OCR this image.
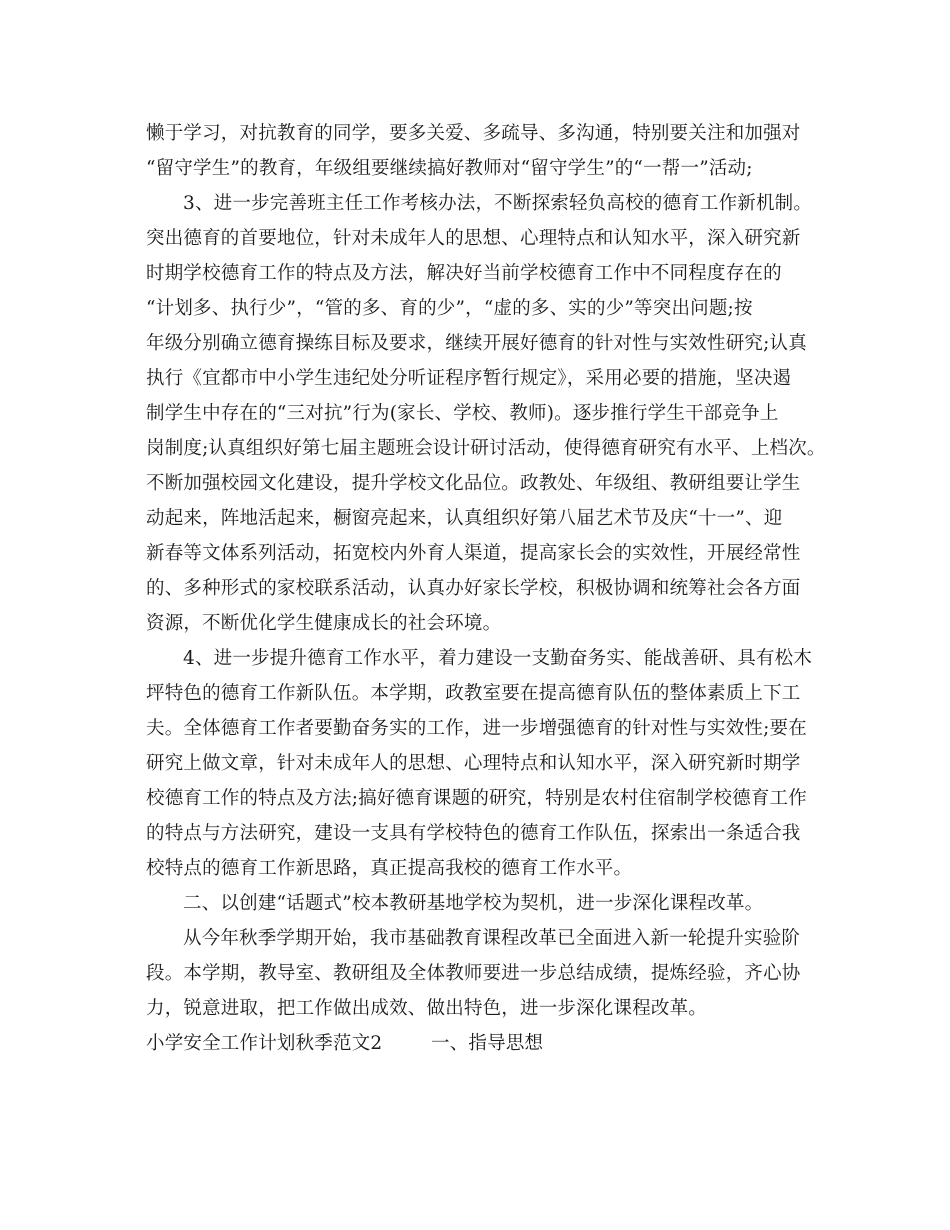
懒于学习，对抗教育的同学，要多关爱、多疏导、多沟通，特别要关注和加强对
“留守学生”的教育，年级组要继续搞好教师对“留守学生”的“一帮一”活动;
3、进一步完善班主任工作考核办法，不断探索轻负高校的德育工作新机制。
突出德育的首要地位，针对未成年人的思想、心理特点和认知水平，深入研究新
时期学校德育工作的特点及方法，解决好当前学校德育工作中不同程度存在的
“计划多、执行少”，“管的多、育的少”，“虚的多、实的少”等突出问题;按
年级分别确立德育操练目标及要求，继续开展好德育的针对性与实效性研究;认真
执行《宜都市中小学生违纪处分听证程序暂行规定》，采用必要的措施，坚决遏
制学生中存在的“三对抗”行为(家长、学校、教师)。逐步推行学生干部竞争上
岗制度;认真组织好第七届主题班会设计研讨活动，使得德育研究有水平、上档次。
不断加强校园文化建设，提升学校文化品位。政教处、年级组、教研组要让学生
动起来，阵地活起来，橱窗亮起来，认真组织好第八届艺术节及庆“十一”、迎
新春等文体系列活动，拓宽校内外育人渠道，提高家长会的实效性，开展经常性
的、多种形式的家校联系活动，认真办好家长学校，积极协调和统筹社会各方面
资源，不断优化学生健康成长的社会环境。
4、进一步提升德育工作水平，着力建设一支勤奋务实、能战善研、具有松木
坪特色的德育工作新队伍。本学期，政教室要在提高德育队伍的整体素质上下工
夫。全体德育工作者要勤奋务实的工作，进一步增强德育的针对性与实效性;要在
研究上做文章，针对未成年人的思想、心理特点和认知水平，深入研究新时期学
校德育工作的特点及方法;搞好德育课题的研究，特别是农村住宿制学校德育工作
的特点与方法研究，建设一支具有学校特色的德育工作队伍，探索出一条适合我
校特点的德育工作新思路，真正提高我校的德育工作水平。
二、以创建“话题式”校本教研基地学校为契机，进一步深化课程改革。
从今年秋季学期开始，我市基础教育课程改革已全面进入新一轮提升实验阶
段。本学期，教导室、教研组及全体教师要进一步总结成绩，提炼经验，齐心协
力，锐意进取，把工作做出成效、做出特色，进一步深化课程改革。
小学安全工作计划秋季范文2	一、指导思想
